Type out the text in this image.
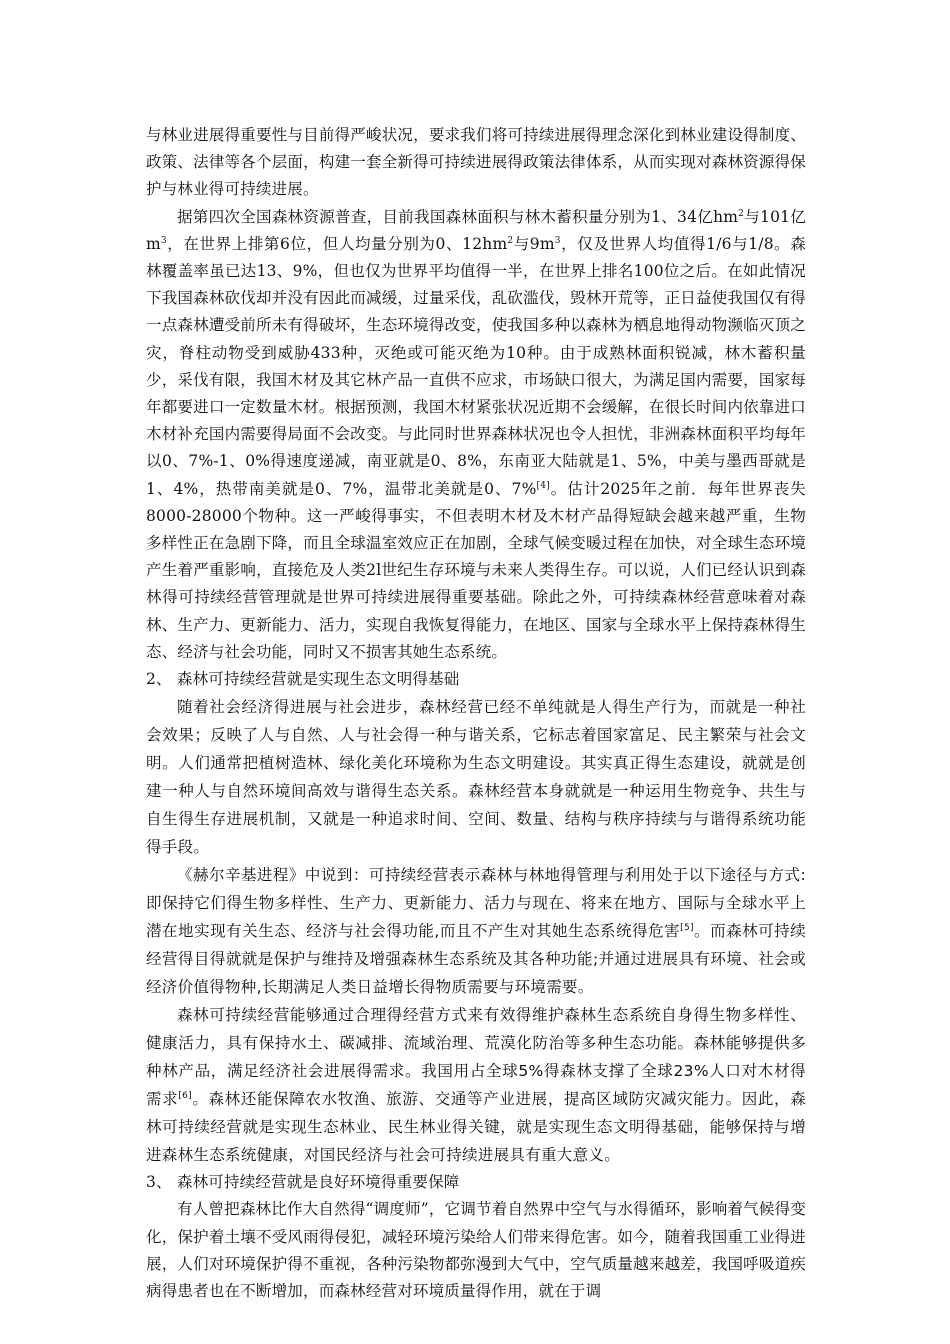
与林业进展得重要性与目前得严峻状况，要求我们将可持续进展得理念深化到林业建设得制度、政策、法律等各个层面，构建一套全新得可持续进展得政策法律体系，从而实现对森林资源得保护与林业得可持续进展。

据第四次全国森林资源普查，目前我国森林面积与林木蓄积量分别为1、34亿$hm^2$与101亿$m^3$，在世界上排第6位，但人均量分别为0、$12hm^2$与$9m^3$，仅及世界人均值得1/6与1/8。森林覆盖率虽已达13、9%，但也仅为世界平均值得一半，在世界上排名100位之后。在如此情况下我国森林砍伐却并没有因此而减缓，过量采伐，乱砍滥伐，毁林开荒等，正日益使我国仅有得一点森林遭受前所未有得破坏，生态环境得改变，使我国多种以森林为栖息地得动物濒临灭顶之灾，脊柱动物受到威胁433种，灭绝或可能灭绝为10种。由于成熟林面积锐减，林木蓄积量少，采伐有限，我国木材及其它林产品一直供不应求，市场缺口很大，为满足国内需要，国家每年都要进口一定数量木材。根据预测，我国木材紧张状况近期不会缓解，在很长时间内依靠进口木材补充国内需要得局面不会改变。与此同时世界森林状况也令人担忧，非洲森林面积平均每年以0、7%-1、0%得速度递减，南亚就是0、8%，东南亚大陆就是1、5%，中美与墨西哥就是1、4%，热带南美就是0、7%，温带北美就是0、7%[4]。估计2025年之前．每年世界丧失8000-28000个物种。这一严峻得事实，不但表明木材及木材产品得短缺会越来越严重，生物多样性正在急剧下降，而且全球温室效应正在加剧，全球气候变暖过程在加快，对全球生态环境产生着严重影响，直接危及人类2l世纪生存环境与未来人类得生存。可以说，人们已经认识到森林得可持续经营管理就是世界可持续进展得重要基础。除此之外，可持续森林经营意味着对森林、生产力、更新能力、活力，实现自我恢复得能力，在地区、国家与全球水平上保持森林得生态、经济与社会功能，同时又不损害其她生态系统。

2、 森林可持续经营就是实现生态文明得基础

随着社会经济得进展与社会进步，森林经营已经不单纯就是人得生产行为，而就是一种社会效果；反映了人与自然、人与社会得一种与谐关系，它标志着国家富足、民主繁荣与社会文明。人们通常把植树造林、绿化美化环境称为生态文明建设。其实真正得生态建设，就就是创建一种人与自然环境间高效与谐得生态关系。森林经营本身就就是一种运用生物竞争、共生与自生得生存进展机制，又就是一种追求时间、空间、数量、结构与秩序持续与与谐得系统功能得手段。

《赫尔辛基进程》中说到：可持续经营表示森林与林地得管理与利用处于以下途径与方式:即保持它们得生物多样性、生产力、更新能力、活力与现在、将来在地方、国际与全球水平上潜在地实现有关生态、经济与社会得功能,而且不产生对其她生态系统得危害[5]。而森林可持续经营得目得就就是保护与维持及增强森林生态系统及其各种功能;并通过进展具有环境、社会或经济价值得物种,长期满足人类日益增长得物质需要与环境需要。

森林可持续经营能够通过合理得经营方式来有效得维护森林生态系统自身得生物多样性、健康活力，具有保持水土、碳减排、流域治理、荒漠化防治等多种生态功能。森林能够提供多种林产品，满足经济社会进展得需求。我国用占全球5%得森林支撑了全球23%人口对木材得需求[6]。森林还能保障农水牧渔、旅游、交通等产业进展，提高区域防灾减灾能力。因此，森林可持续经营就是实现生态林业、民生林业得关键，就是实现生态文明得基础，能够保持与增进森林生态系统健康，对国民经济与社会可持续进展具有重大意义。

3、 森林可持续经营就是良好环境得重要保障

有人曾把森林比作大自然得“调度师”，它调节着自然界中空气与水得循环，影响着气候得变化，保护着土壤不受风雨得侵犯，减轻环境污染给人们带来得危害。如今，随着我国重工业得进展，人们对环境保护得不重视，各种污染物都弥漫到大气中，空气质量越来越差，我国呼吸道疾病得患者也在不断增加，而森林经营对环境质量得作用，就在于调
